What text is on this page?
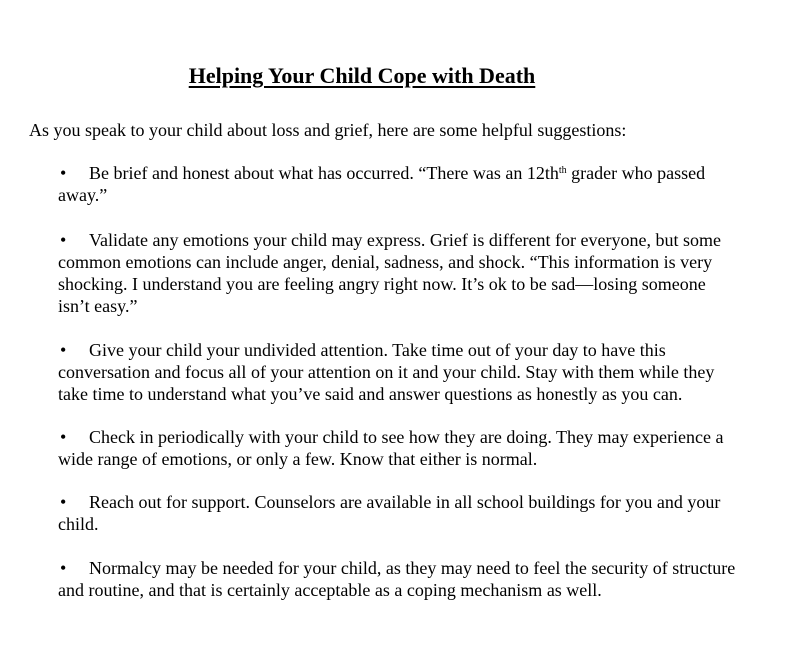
Helping Your Child Cope with Death
As you speak to your child about loss and grief, here are some helpful suggestions:
• Be brief and honest about what has occurred. “There was an $12th^{th}$ grader who passed
away.”
• Validate any emotions your child may express. Grief is different for everyone, but some
common emotions can include anger, denial, sadness, and shock. “This information is very
shocking. I understand you are feeling angry right now. It’s ok to be sad—losing someone
isn’t easy.”
• Give your child your undivided attention. Take time out of your day to have this
conversation and focus all of your attention on it and your child. Stay with them while they
take time to understand what you’ve said and answer questions as honestly as you can.
• Check in periodically with your child to see how they are doing. They may experience a
wide range of emotions, or only a few. Know that either is normal.
• Reach out for support. Counselors are available in all school buildings for you and your
child.
• Normalcy may be needed for your child, as they may need to feel the security of structure
and routine, and that is certainly acceptable as a coping mechanism as well.
